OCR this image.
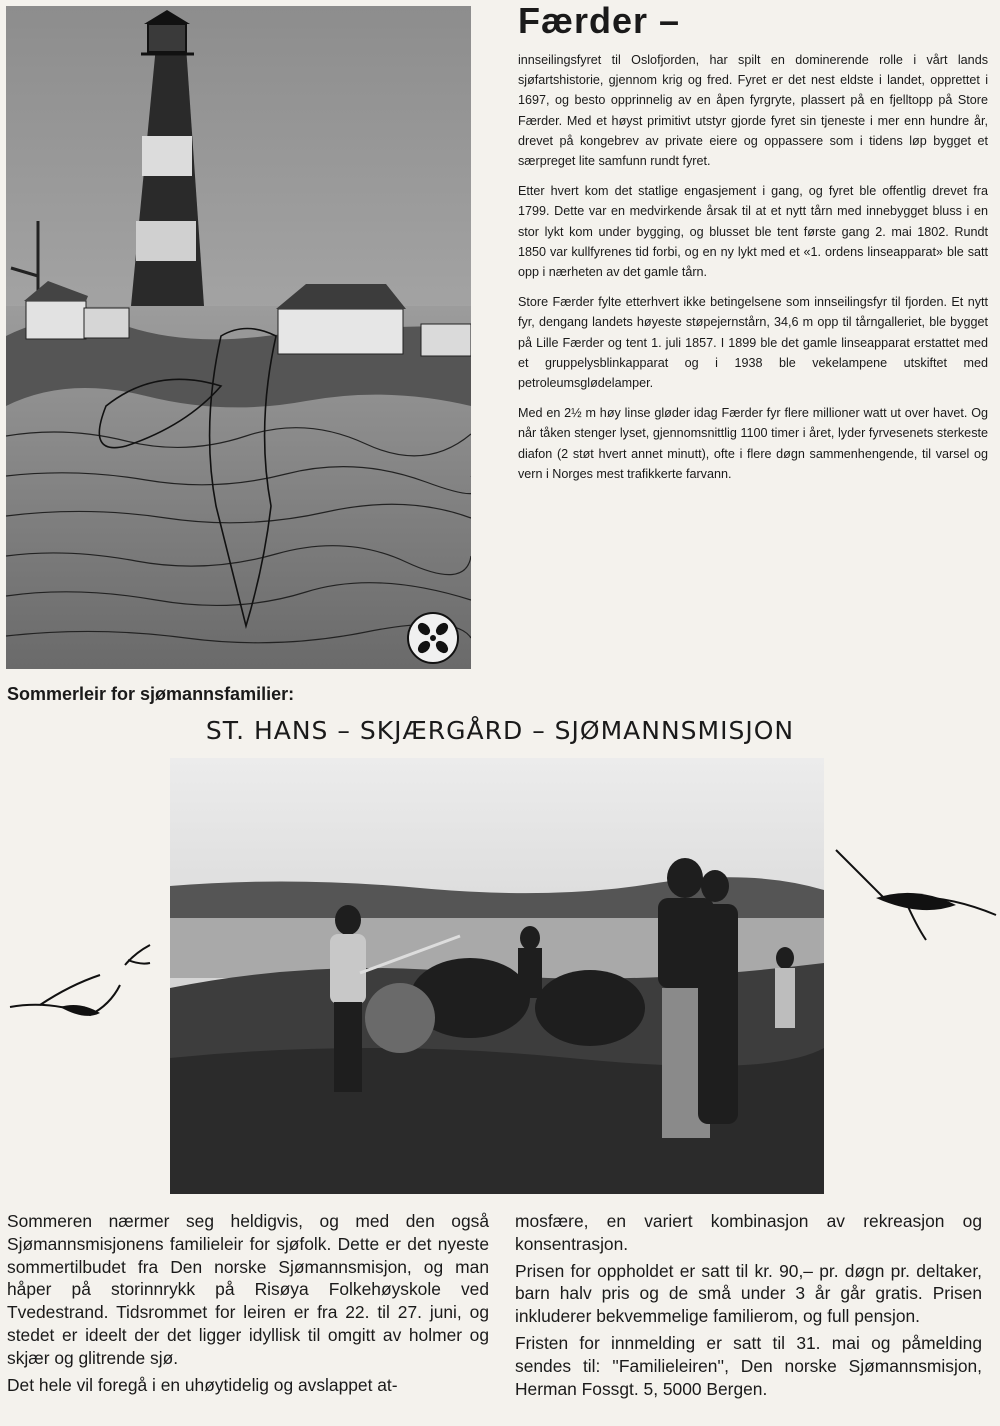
Færder –

innseilingsfyret til Oslofjorden, har spilt en dominerende rolle i vårt lands sjøfartshistorie, gjennom krig og fred. Fyret er det nest eldste i landet, opprettet i 1697, og besto opprinnelig av en åpen fyrgryte, plassert på en fjelltopp på Store Færder. Med et høyst primitivt utstyr gjorde fyret sin tjeneste i mer enn hundre år, drevet på kongebrev av private eiere og oppassere som i tidens løp bygget et særpreget lite samfunn rundt fyret.

Etter hvert kom det statlige engasjement i gang, og fyret ble offentlig drevet fra 1799. Dette var en medvirkende årsak til at et nytt tårn med innebygget bluss i en stor lykt kom under bygging, og blusset ble tent første gang 2. mai 1802. Rundt 1850 var kullfyrenes tid forbi, og en ny lykt med et «1. ordens linseapparat» ble satt opp i nærheten av det gamle tårn.

Store Færder fylte etterhvert ikke betingelsene som innseilingsfyr til fjorden. Et nytt fyr, dengang landets høyeste støpejernstårn, 34,6 m opp til tårngalleriet, ble bygget på Lille Færder og tent 1. juli 1857. I 1899 ble det gamle linseapparat erstattet med et gruppelysblinkapparat og i 1938 ble vekelampene utskiftet med petroleumsglødelamper.

Med en 2½ m høy linse gløder idag Færder fyr flere millioner watt ut over havet. Og når tåken stenger lyset, gjennomsnittlig 1100 timer i året, lyder fyrvesenets sterkeste diafon (2 støt hvert annet minutt), ofte i flere døgn sammenhengende, til varsel og vern i Norges mest trafikkerte farvann.

Sommerleir for sjømannsfamilier:
ST. HANS – SKJÆRGÅRD – SJØMANNSMISJON

Sommeren nærmer seg heldigvis, og med den også Sjømannsmisjonens familieleir for sjøfolk. Dette er det nyeste sommertilbudet fra Den norske Sjømannsmisjon, og man håper på storinnrykk på Risøya Folkehøyskole ved Tvedestrand. Tidsrommet for leiren er fra 22. til 27. juni, og stedet er ideelt der det ligger idyllisk til omgitt av holmer og skjær og glitrende sjø.

Det hele vil foregå i en uhøytidelig og avslappet at-

mosfære, en variert kombinasjon av rekreasjon og konsentrasjon.

Prisen for oppholdet er satt til kr. 90,– pr. døgn pr. deltaker, barn halv pris og de små under 3 år går gratis. Prisen inkluderer bekvemmelige familierom, og full pensjon.

Fristen for innmelding er satt til 31. mai og påmelding sendes til: ''Familieleiren'', Den norske Sjømannsmisjon, Herman Fossgt. 5, 5000 Bergen.
